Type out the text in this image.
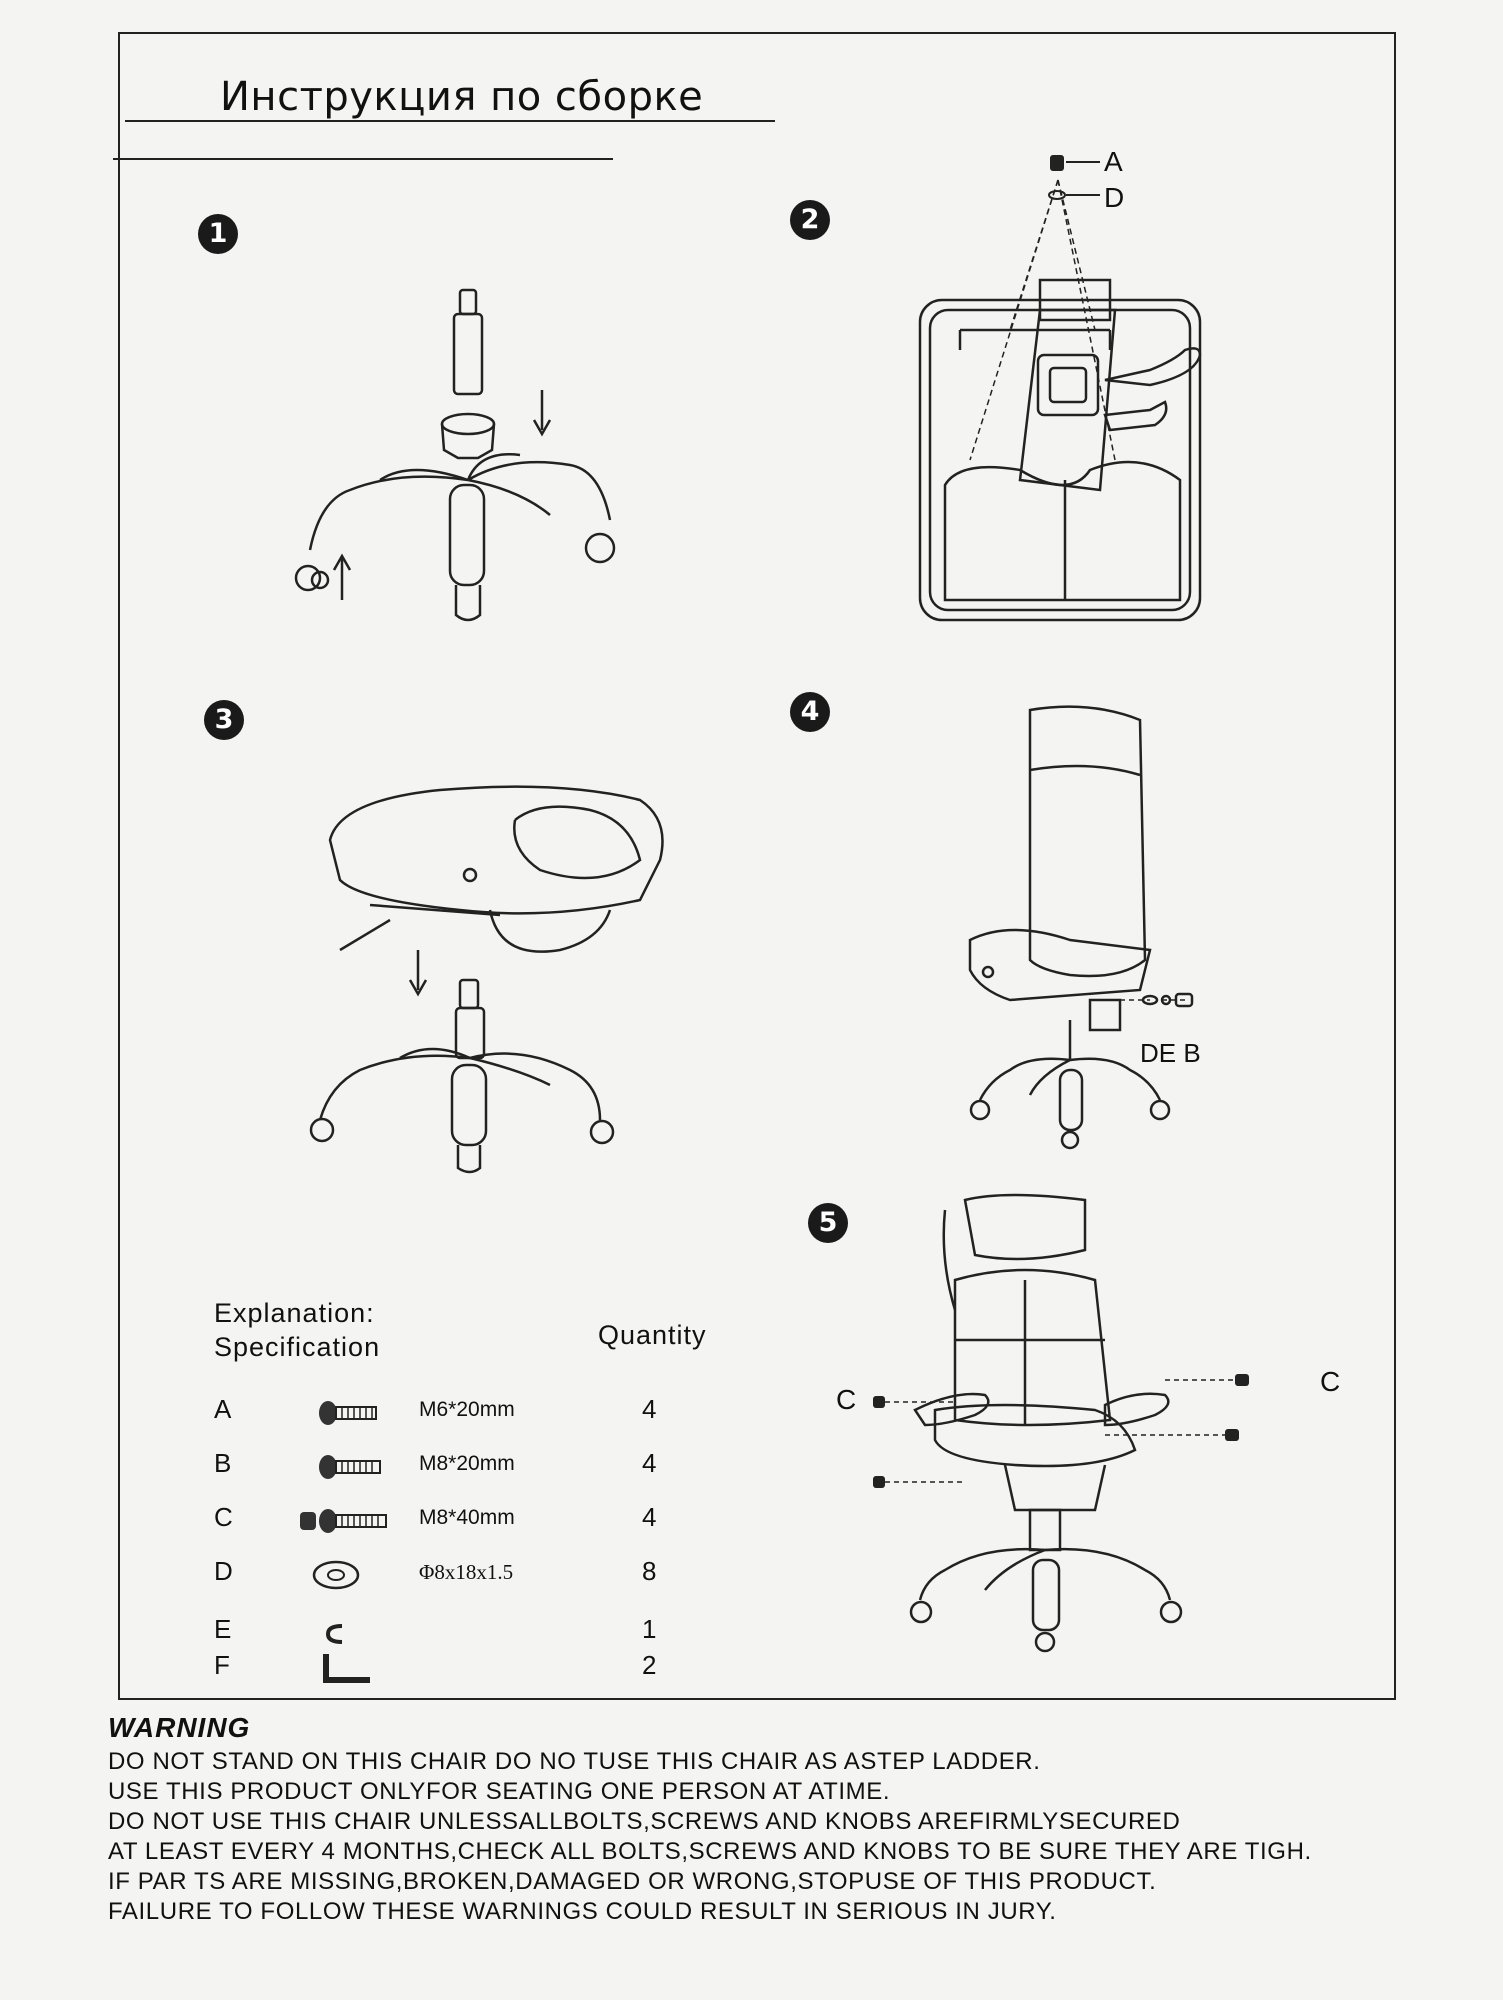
Инструкция по сборке
1	2
3	4
5
A
D
DE B
C
C
Explanation:
Specification	Quantity
A	M6*20mm	4
B	M8*20mm	4
C	M8*40mm	4
D	Φ8x18x1.5	8
E	1
F	2
WARNING
DO NOT STAND ON THIS CHAIR DO NO TUSE THIS CHAIR AS ASTEP LADDER.
USE THIS PRODUCT ONLYFOR SEATING ONE PERSON AT ATIME.
DO NOT USE THIS CHAIR UNLESSALLBOLTS,SCREWS AND KNOBS AREFIRMLYSECURED
AT LEAST EVERY 4 MONTHS,CHECK ALL BOLTS,SCREWS AND KNOBS TO BE SURE THEY ARE TIGH.
IF PAR TS ARE MISSING,BROKEN,DAMAGED OR WRONG,STOPUSE OF THIS PRODUCT.
FAILURE TO FOLLOW THESE WARNINGS COULD RESULT IN SERIOUS IN JURY.
